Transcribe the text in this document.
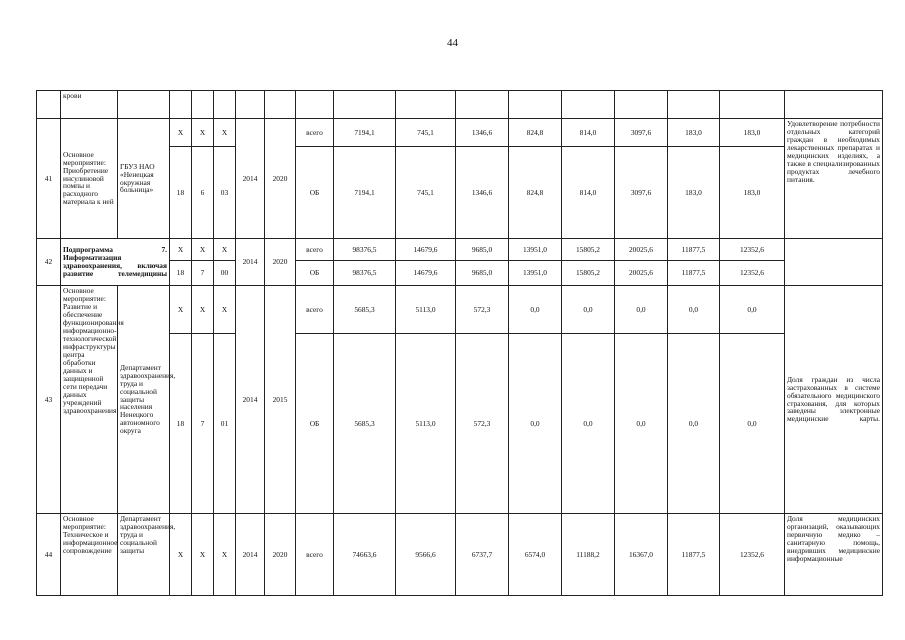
44
	крови																
41	Основное мероприятие: Приобретение инсулиновой помпы и расходного материала к ней	ГБУЗ НАО «Ненецкая окружная больница»	X	X	X	2014	2020	всего	7194,1	745,1	1346,6	824,8	814,0	3097,6	183,0	183,0	Удовлетворение потребности отдельных категорий граждан в необходимых лекарственных препаратах и медицинских изделиях, а также в специализированных продуктах лечебного питания.

			18	6	03			ОБ	7194,1	745,1	1346,6	824,8	814,0	3097,6	183,0	183,0	
42	Подпрограмма 7. Информатизация здравоохранения, включая развитие телемедицины		X	X	X	2014	2020	всего	98376,5	14679,6	9685,0	13951,0	15805,2	20025,6	11877,5	12352,6	
			18	7	00			ОБ	98376,5	14679,6	9685,0	13951,0	15805,2	20025,6	11877,5	12352,6	
43	Основное мероприятие: Развитие и обеспечение функционирования информационно-технологической инфраструктуры центра обработки данных и защищенной сети передачи данных учреждений здравоохранения	Департамент здравоохранения, труда и социальной защиты населения Ненецкого автономного округа	X	X	X	2014	2015	всего	5685,3	5113,0	572,3	0,0	0,0	0,0	0,0	0,0	Доля граждан из числа застрахованных в системе обязательного медицинского страхования, для которых заведены электронные медицинские карты.

			18	7	01			ОБ	5685,3	5113,0	572,3	0,0	0,0	0,0	0,0	0,0	
44	Основное мероприятие: Техническое и информационное сопровождение	Департамент здравоохранения, труда и социальной защиты	X	X	X	2014	2020	всего	74663,6	9566,6	6737,7	6574,0	11188,2	16367,0	11877,5	12352,6	Доля медицинских организаций, оказывающих первичную медико – санитарную помощь, внедривших медицинские информационные
